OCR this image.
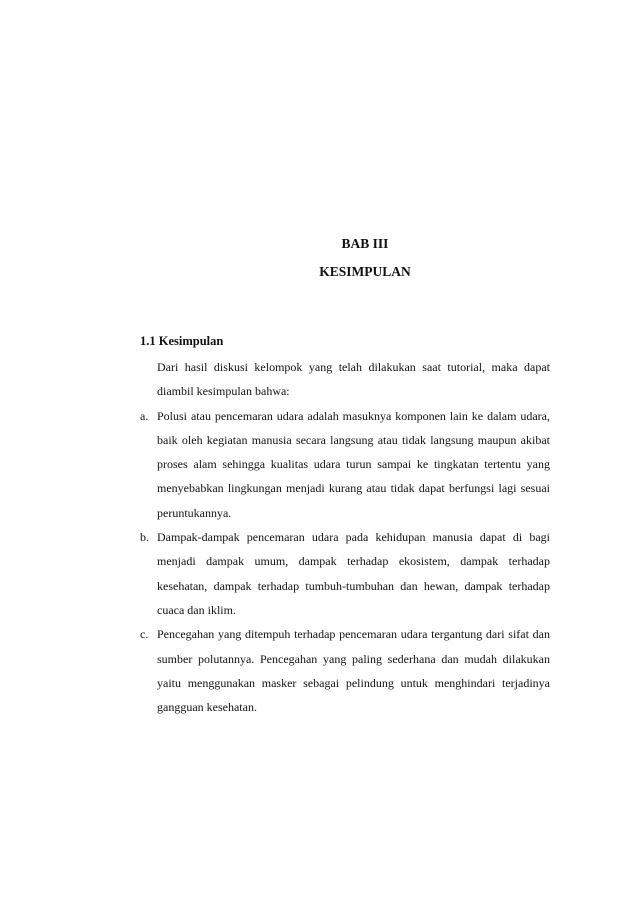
BAB III
KESIMPULAN
1.1 Kesimpulan

Dari hasil diskusi kelompok yang telah dilakukan saat tutorial, maka dapat diambil kesimpulan bahwa:

a. Polusi atau pencemaran udara adalah masuknya komponen lain ke dalam udara, baik oleh kegiatan manusia secara langsung atau tidak langsung maupun akibat proses alam sehingga kualitas udara turun sampai ke tingkatan tertentu yang menyebabkan lingkungan menjadi kurang atau tidak dapat berfungsi lagi sesuai peruntukannya.
b. Dampak-dampak pencemaran udara pada kehidupan manusia dapat di bagi menjadi dampak umum, dampak terhadap ekosistem, dampak terhadap kesehatan, dampak terhadap tumbuh-tumbuhan dan hewan, dampak terhadap cuaca dan iklim.
c. Pencegahan yang ditempuh terhadap pencemaran udara tergantung dari sifat dan sumber polutannya. Pencegahan yang paling sederhana dan mudah dilakukan yaitu menggunakan masker sebagai pelindung untuk menghindari terjadinya gangguan kesehatan.
